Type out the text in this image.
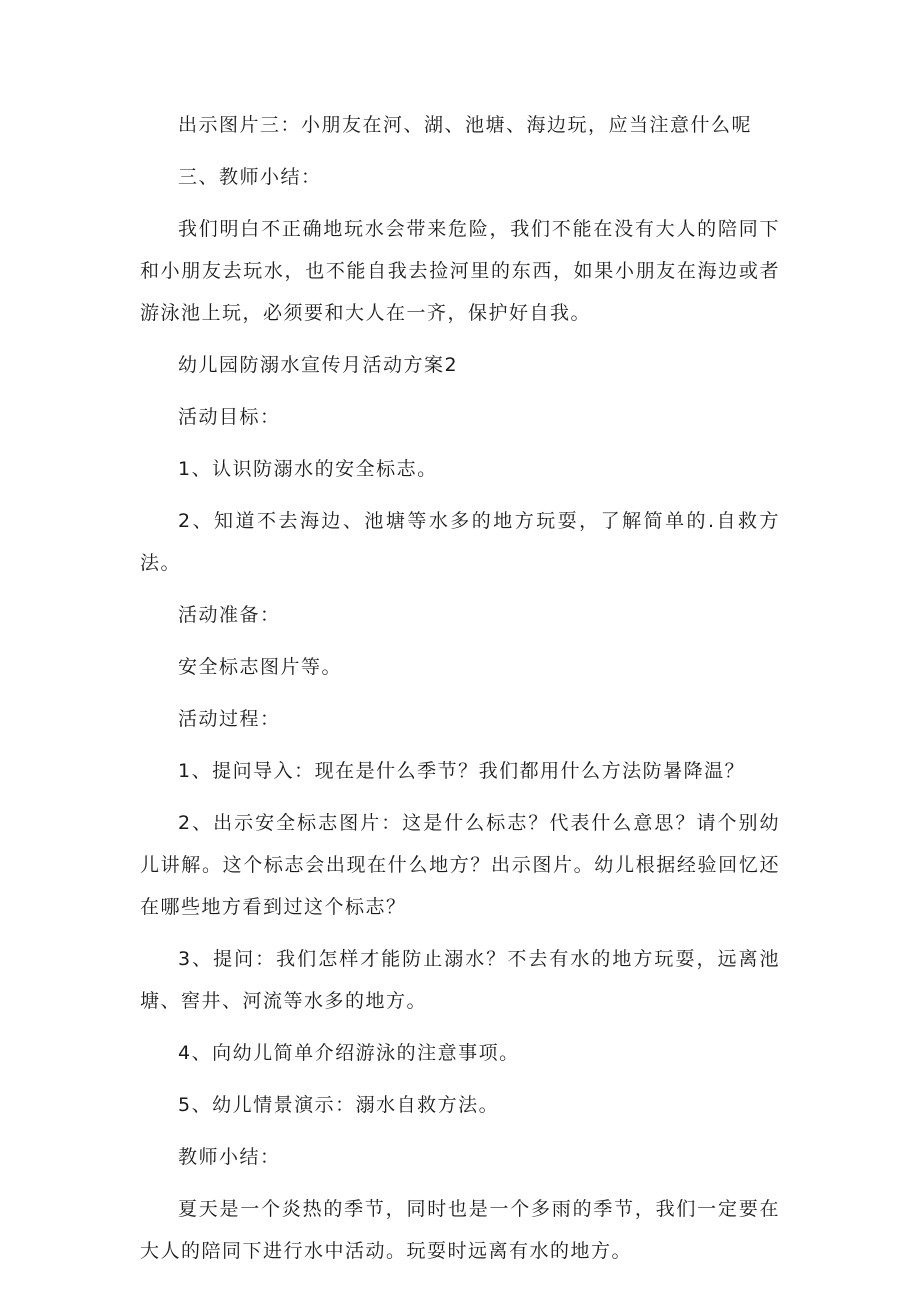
出示图片三：小朋友在河、湖、池塘、海边玩，应当注意什么呢

三、教师小结：

我们明白不正确地玩水会带来危险，我们不能在没有大人的陪同下和小朋友去玩水，也不能自我去捡河里的东西，如果小朋友在海边或者游泳池上玩，必须要和大人在一齐，保护好自我。

幼儿园防溺水宣传月活动方案2

活动目标：

1、认识防溺水的安全标志。

2、知道不去海边、池塘等水多的地方玩耍，了解简单的.自救方法。

活动准备：

安全标志图片等。

活动过程：

1、提问导入：现在是什么季节？我们都用什么方法防暑降温？

2、出示安全标志图片：这是什么标志？代表什么意思？请个别幼儿讲解。这个标志会出现在什么地方？出示图片。幼儿根据经验回忆还在哪些地方看到过这个标志？

3、提问：我们怎样才能防止溺水？不去有水的地方玩耍，远离池塘、窖井、河流等水多的地方。

4、向幼儿简单介绍游泳的注意事项。

5、幼儿情景演示：溺水自救方法。

教师小结：

夏天是一个炎热的季节，同时也是一个多雨的季节，我们一定要在大人的陪同下进行水中活动。玩耍时远离有水的地方。
